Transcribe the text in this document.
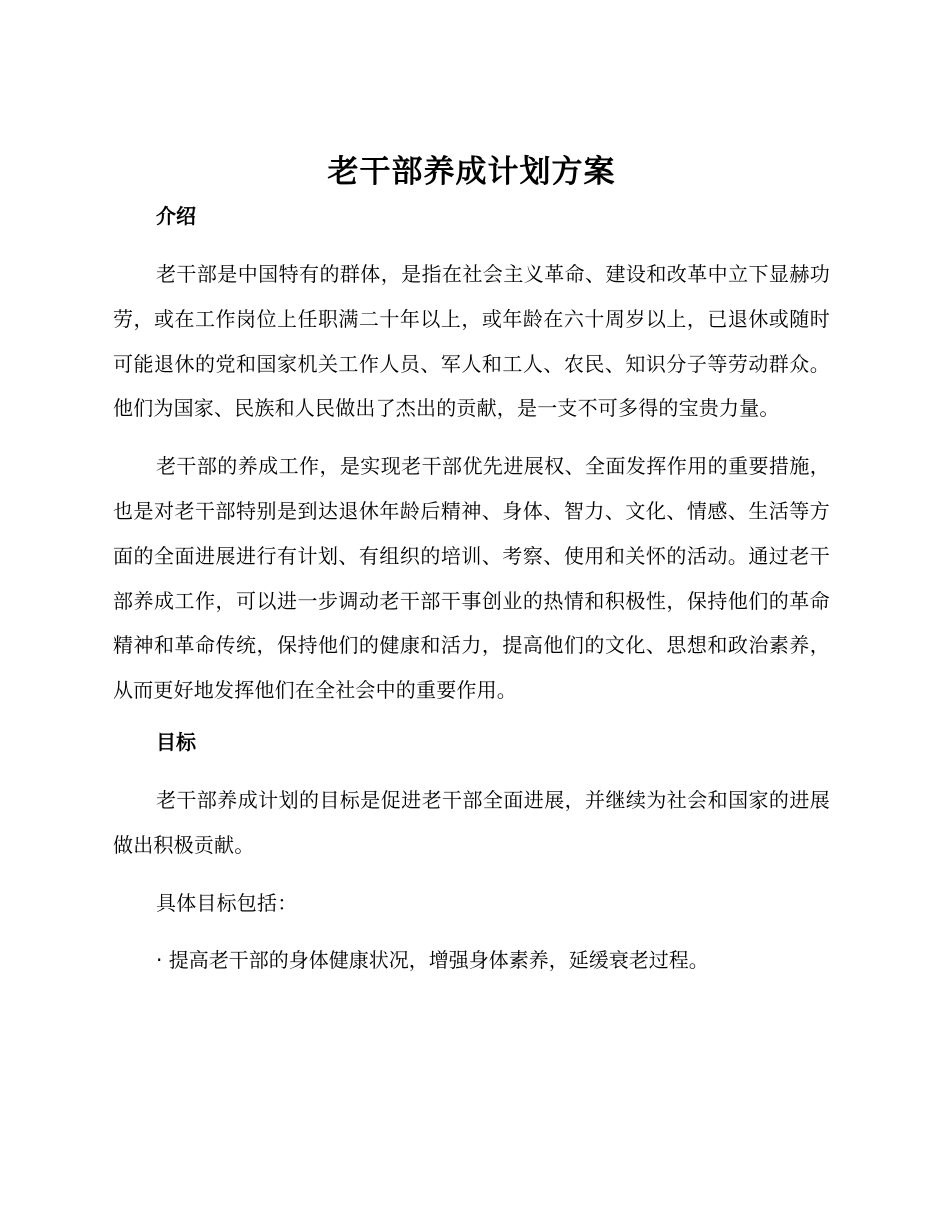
老干部养成计划方案
介绍

老干部是中国特有的群体，是指在社会主义革命、建设和改革中立下显赫功劳，或在工作岗位上任职满二十年以上，或年龄在六十周岁以上，已退休或随时可能退休的党和国家机关工作人员、军人和工人、农民、知识分子等劳动群众。他们为国家、民族和人民做出了杰出的贡献，是一支不可多得的宝贵力量。

老干部的养成工作，是实现老干部优先进展权、全面发挥作用的重要措施，也是对老干部特别是到达退休年龄后精神、身体、智力、文化、情感、生活等方面的全面进展进行有计划、有组织的培训、考察、使用和关怀的活动。通过老干部养成工作，可以进一步调动老干部干事创业的热情和积极性，保持他们的革命精神和革命传统，保持他们的健康和活力，提高他们的文化、思想和政治素养，从而更好地发挥他们在全社会中的重要作用。

目标

老干部养成计划的目标是促进老干部全面进展，并继续为社会和国家的进展做出积极贡献。

具体目标包括：

· 提高老干部的身体健康状况，增强身体素养，延缓衰老过程。
